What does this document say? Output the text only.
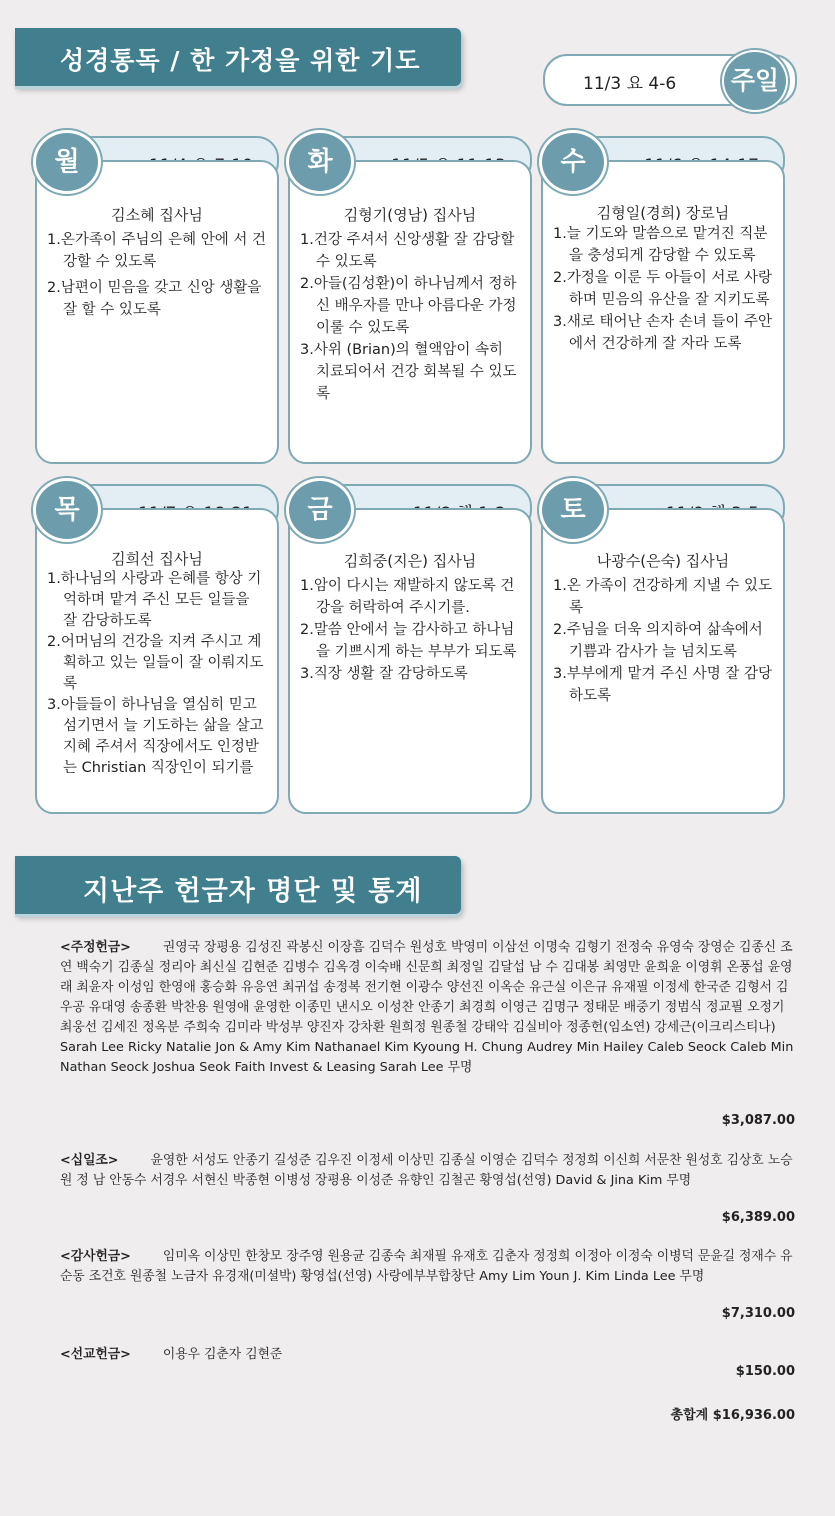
성경통독 / 한 가정을 위한 기도
11/3 요 4-6	주일
월
김소혜 집사님
1.온가족이 주님의 은혜 안에 서 건강할 수 있도록
2.남편이 믿음을 갖고 신앙 생활을 잘 할 수 있도록
화
김형기(영남) 집사님
1.건강 주셔서 신앙생활 잘 감당할 수 있도록
2.아들(김성환)이 하나님께서 정하신 배우자를 만나 아름다운 가정 이룰 수 있도록
3.사위 (Brian)의 혈액암이 속히 치료되어서 건강 회복될 수 있도록
수
김형일(경희) 장로님
1.늘 기도와 말씀으로 맡겨진 직분을 충성되게 감당할 수 있도록
2.가정을 이룬 두 아들이 서로 사랑하며 믿음의 유산을 잘 지키도록
3.새로 태어난 손자 손녀 들이 주안에서 건강하게 잘 자라 도록
목
김희선 집사님
1.하나님의 사랑과 은혜를 항상 기억하며 맡겨 주신 모든 일들을 잘 감당하도록
2.어머님의 건강을 지켜 주시고 계획하고 있는 일들이 잘 이뤄지도록
3.아들들이 하나님을 열심히 믿고 섬기면서 늘 기도하는 삶을 살고 지혜 주셔서 직장에서도 인정받는 Christian 직장인이 되기를
금
김희중(지은) 집사님
1.암이 다시는 재발하지 않도록 건강을 허락하여 주시기를.
2.말씀 안에서 늘 감사하고 하나님을 기쁘시게 하는 부부가 되도록
3.직장 생활 잘 감당하도록
토
나광수(은숙) 집사님
1.온 가족이 건강하게 지낼 수 있도록
2.주님을 더욱 의지하여 삶속에서 기쁨과 감사가 늘 넘치도록
3.부부에게 맡겨 주신 사명 잘 감당하도록
지난주 헌금자 명단 및 통계
<주정헌금>	권영국 장평용 김성진 곽봉신 이장흠 김덕수 원성호 박영미 이삼선 이명숙 김형기 전정숙 유영숙 장영순 김종신 조 연 백숙기 김종실 정리아 최신실 김현준 김병수 김옥경 이숙배 신문희 최정일 김달섭 남 수 김대봉 최영만 윤희윤 이영휘 온풍섭 윤영래 최윤자 이성임 한영애 홍승화 유응연 최귀섭 송정복 전기현 이광수 양선진 이옥순 유근실 이은규 유재필 이정세 한국준 김형서 김우공 유대영 송종환 박찬용 원영애 윤영한 이종민 낸시오 이성찬 안종기 최경희 이영근 김명구 정태문 배중기 정범식 정교필 오정기 최웅선 김세진 정옥분 주희숙 김미라 박성부 양진자 강차환 원희정 원종철 강태악 김실비아 정종헌(임소연) 강세근(이크리스티나) Sarah Lee Ricky Natalie Jon & Amy Kim Nathanael Kim Kyoung H. Chung Audrey Min Hailey Caleb Seock Caleb Min Nathan Seock Joshua Seok Faith Invest & Leasing Sarah Lee 무명
$3,087.00
<십일조>	윤영한 서성도 안종기 길성준 김우진 이정세 이상민 김종실 이영순 김덕수 정정희 이신희 서문찬 원성호 김상호 노승원 정 남 안동수 서경우 서현신 박종현 이병성 장평용 이성준 유향인 김철곤 황영섭(선영) David & Jina Kim 무명
$6,389.00
<감사헌금>	임미옥 이상민 한창모 장주영 원용균 김종숙 최재필 유재호 김춘자 정정희 이정아 이정숙 이병덕 문윤길 정재수 유순동 조건호 원종철 노금자 유경재(미셜박) 황영섭(선영) 사랑에부부합창단 Amy Lim Youn J. Kim Linda Lee 무명
$7,310.00
<선교헌금>	이용우 김춘자 김현준
$150.00
총합계 $16,936.00
